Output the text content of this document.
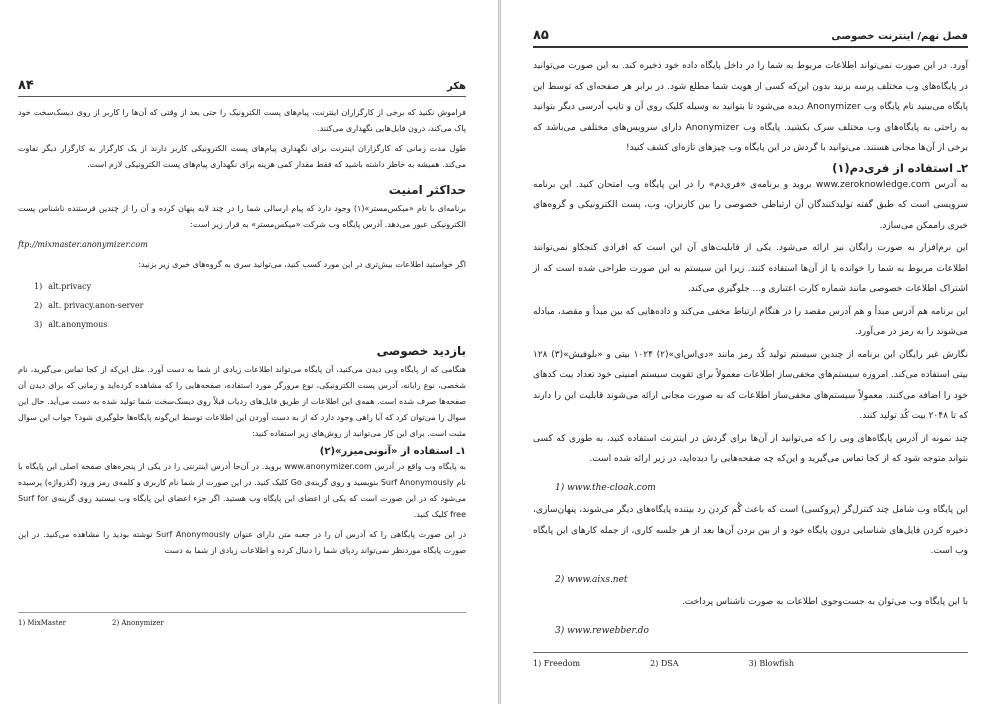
۸۴	هکر

فراموش نکنید که برخی از کارگزاران اینترنت، پیام‌های پست الکترونیک را حتی بعد از وقتی که آن‌ها را کاربر از روی دیسک‌سخت خود پاک می‌کند، درون فایل‌هایی نگهداری می‌کنند.

طول مدت زمانی که کارگزاران اینترنت برای نگهداری پیام‌های پست الکترونیکی کاربر دارند از یک کارگزار به کارگزار دیگر تفاوت می‌کند. همیشه به خاطر داشته باشید که فقط مقدار کمی هزینه برای نگهداری پیام‌های پست الکترونیکی لازم است.

حداکثر امنیت

برنامه‌ای با نام «میکس‌مستر»(۱) وجود دارد که پیام ارسالی شما را در چند لایه پنهان کرده و آن را از چندین فرستنده ناشناس پست الکترونیکی عبور می‌دهد. آدرس پایگاه وب شرکت «میکس‌مستر» به قرار زیر است:

ftp://mixmaster.anonymizer.com

اگر خواستید اطلاعات بیش‌تری در این مورد کسب کنید، می‌توانید سری به گروه‌های خبری زیر بزنید:

1) alt.privacy
2) alt. privacy.anon-server
3) alt.anonymous
بازدید خصوصی

هنگامی که از پایگاه وبی دیدن می‌کنید، آن پایگاه می‌تواند اطلاعات زیادی از شما به دست آورد. مثل این‌که از کجا تماس می‌گیرید، نام شخصی، نوع رایانه، آدرس پست الکترونیکی، نوع مرورگر مورد استفاده، صفحه‌هایی را که مشاهده کرده‌اید و زمانی که برای دیدن آن صفحه‌ها صرف شده است. همه‌ی این اطلاعات از طریق فایل‌های ردیاب قبلاً روی دیسک‌سخت شما تولید شده به دست می‌آید. حال این سوال را می‌توان کرد که آیا راهی وجود دارد که از به دست آوردن این اطلاعات توسط این‌گونه پایگاه‌ها جلوگیری شود؟ جواب این سوال مثبت است. برای این کار می‌توانید از روش‌های زیر استفاده کنید:

۱ـ استفاده از «آنونی‌میزر»(۲)

به پایگاه وب واقع در آدرس www.anonymizer.com بروید. در آن‌جا آدرس اینترنتی را در یکی از پنجره‌های صفحه اصلی این پایگاه با نام Surf Anonymously بنویسید و روی گزینه‌ی Go کلیک کنید. در این صورت از شما نام کاربری و کلمه‌ی رمز ورود (گذرواژه) پرسیده می‌شود که در این صورت است که یکی از اعضای این پایگاه وب هستید. اگر جزء اعضای این پایگاه وب نیستید روی گزینه‌ی Surf for free کلیک کنید.

در این صورت پایگاهی را که آدرس آن را در جعبه متن دارای عنوان Surf Anonymously نوشته بودید را مشاهده می‌کنید. در این صورت پایگاه موردنظر نمی‌تواند ردپای شما را دنبال کرده و اطلاعات زیادی از شما به دست

1) MixMaster	2) Anonymizer
۸۵	فصل نهم/ اینترنت خصوصی

آورد. در این صورت نمی‌تواند اطلاعات مربوط به شما را در داخل پایگاه داده خود ذخیره کند. به این صورت می‌توانید در پایگاه‌های وب مختلف پرسه بزنید بدون این‌که کسی از هویت شما مطلع شود. در برابر هر صفحه‌ای که توسط این پایگاه می‌بینید نام پایگاه وب Anonymizer دیده می‌شود تا بتوانید به وسیله کلیک روی آن و تایپ آدرسی دیگر بتوانید به راحتی به پایگاه‌های وب مختلف سرک بکشید. پایگاه وب Anonymizer دارای سرویس‌های مختلفی می‌باشد که برخی از آن‌ها مجانی هستند. می‌توانید با گردش در این پایگاه وب چیزهای تازه‌ای کشف کنید!

۲ـ استفاده از فری‌دم(۱)

به آدرس www.zeroknowledge.com بروید و برنامه‌ی «فری‌دم» را در این پایگاه وب امتحان کنید. این برنامه سرویسی است که طبق گفته تولیدکنندگان آن ارتباطی خصوصی را بین کاربران، وب، پست الکترونیکی و گروه‌های خبری راممکن می‌سازد.

این نرم‌افزار به صورت رایگان نیز ارائه می‌شود. یکی از قابلیت‌های آن این است که افرادی کنجکاو نمی‌توانند اطلاعات مربوط به شما را خوانده یا از آن‌ها استفاده کنند. زیرا این سیستم به این صورت طراحی شده است که از اشتراک اطلاعات خصوصی مانند شماره کارت اعتباری و... جلوگیری می‌کند.

این برنامه هم آدرس مبدأ و هم آدرس مقصد را در هنگام ارتباط مخفی می‌کند و داده‌هایی که بین مبدأ و مقصد، مبادله می‌شوند را به رمز در می‌آورد.

نگارش غیر رایگان این برنامه از چندین سیستم تولید کُد رمز مانند «دی‌اس‌ای»(۲) ۱۰۲۴ بیتی و «بلوفیش»(۳) ۱۲۸ بیتی استفاده می‌کند. امروزه سیستم‌های مخفی‌ساز اطلاعات معمولاً برای تقویت سیستم امنیتی خود تعداد بیت کدهای خود را اضافه می‌کنند. معمولاً سیستم‌های مخفی‌ساز اطلاعات که به صورت مجانی ارائه می‌شوند قابلیت این را دارند که تا ۲۰۴۸ بیت کُد تولید کنند.

چند نمونه از آدرس پایگاه‌های وبی را که می‌توانید از آن‌ها برای گردش در اینترنت استفاده کنید، به طوری که کسی نتواند متوجه شود که از کجا تماس می‌گیرید و این‌که چه صفحه‌هایی را دیده‌اید، در زیر ارائه شده است.

1) www.the-cloak.com

این پایگاه وب شامل چند کنترل‌گر (پروکسی) است که باعث گُم کردن رد بیننده پایگاه‌های دیگر می‌شوند، پنهان‌سازی، ذخیره کردن فایل‌های شناسایی درون پایگاه خود و از بین بردن آن‌ها بعد از هر جلسه کاری، از جمله کارهای این پایگاه وب است.

2) www.aixs.net

با این پایگاه وب می‌توان به جست‌وجوی اطلاعات به صورت ناشناس پرداخت.

3) www.rewebber.do

1) Freedom	2) DSA	3) Blowfish
